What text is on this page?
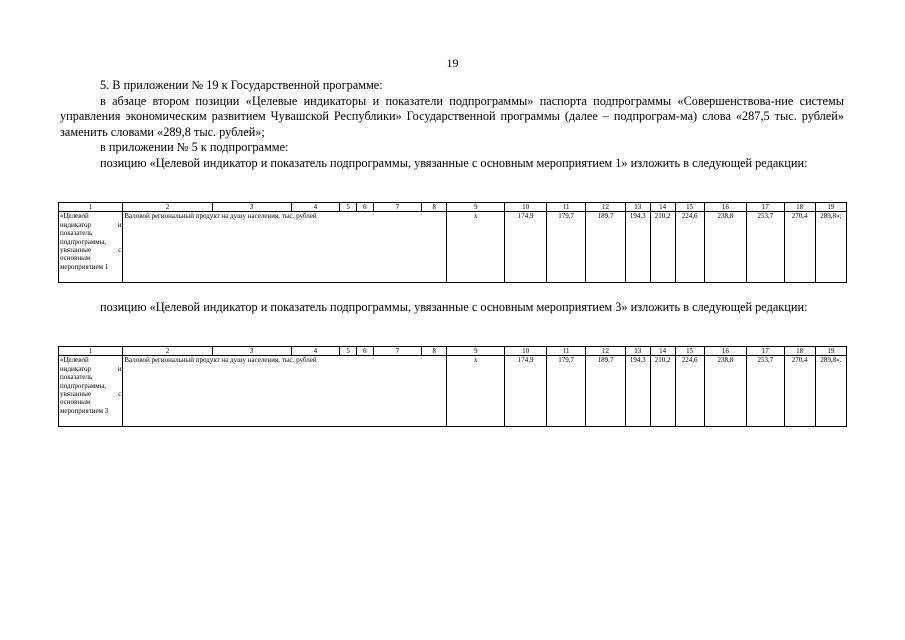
19

5. В приложении № 19 к Государственной программе:

в абзаце втором позиции «Целевые индикаторы и показатели подпрограммы» паспорта подпрограммы «Совершенствова-ние системы управления экономическим развитием Чувашской Республики» Государственной программы (далее – подпрограм-ма) слова «287,5 тыс. рублей» заменить словами «289,8 тыс. рублей»;

в приложении № 5 к подпрограмме:

позицию «Целевой индикатор и показатель подпрограммы, увязанные с основным мероприятием 1» изложить в следующей редакции:

1	2	3	4	5	6	7	8	9	10	11	12	13	14	15	16	17	18	19
«Целевой индикатор и показатель подпрограммы, увязанные с основным мероприятием 1	Валовой региональный продукт на душу населения, тыс. рублей							x	174,9	179,7	189,7	194,3	210,2	224,6	238,8	253,7	270,4	289,8»;

позицию «Целевой индикатор и показатель подпрограммы, увязанные с основным мероприятием 3» изложить в следующей редакции:

1	2	3	4	5	6	7	8	9	10	11	12	13	14	15	16	17	18	19
«Целевой индикатор и показатель подпрограммы, увязанные с основным мероприятием 3	Валовой региональный продукт на душу населения, тыс. рублей							x	174,9	179,7	189,7	194,3	210,2	224,6	238,8	253,7	270,4	289,8».
